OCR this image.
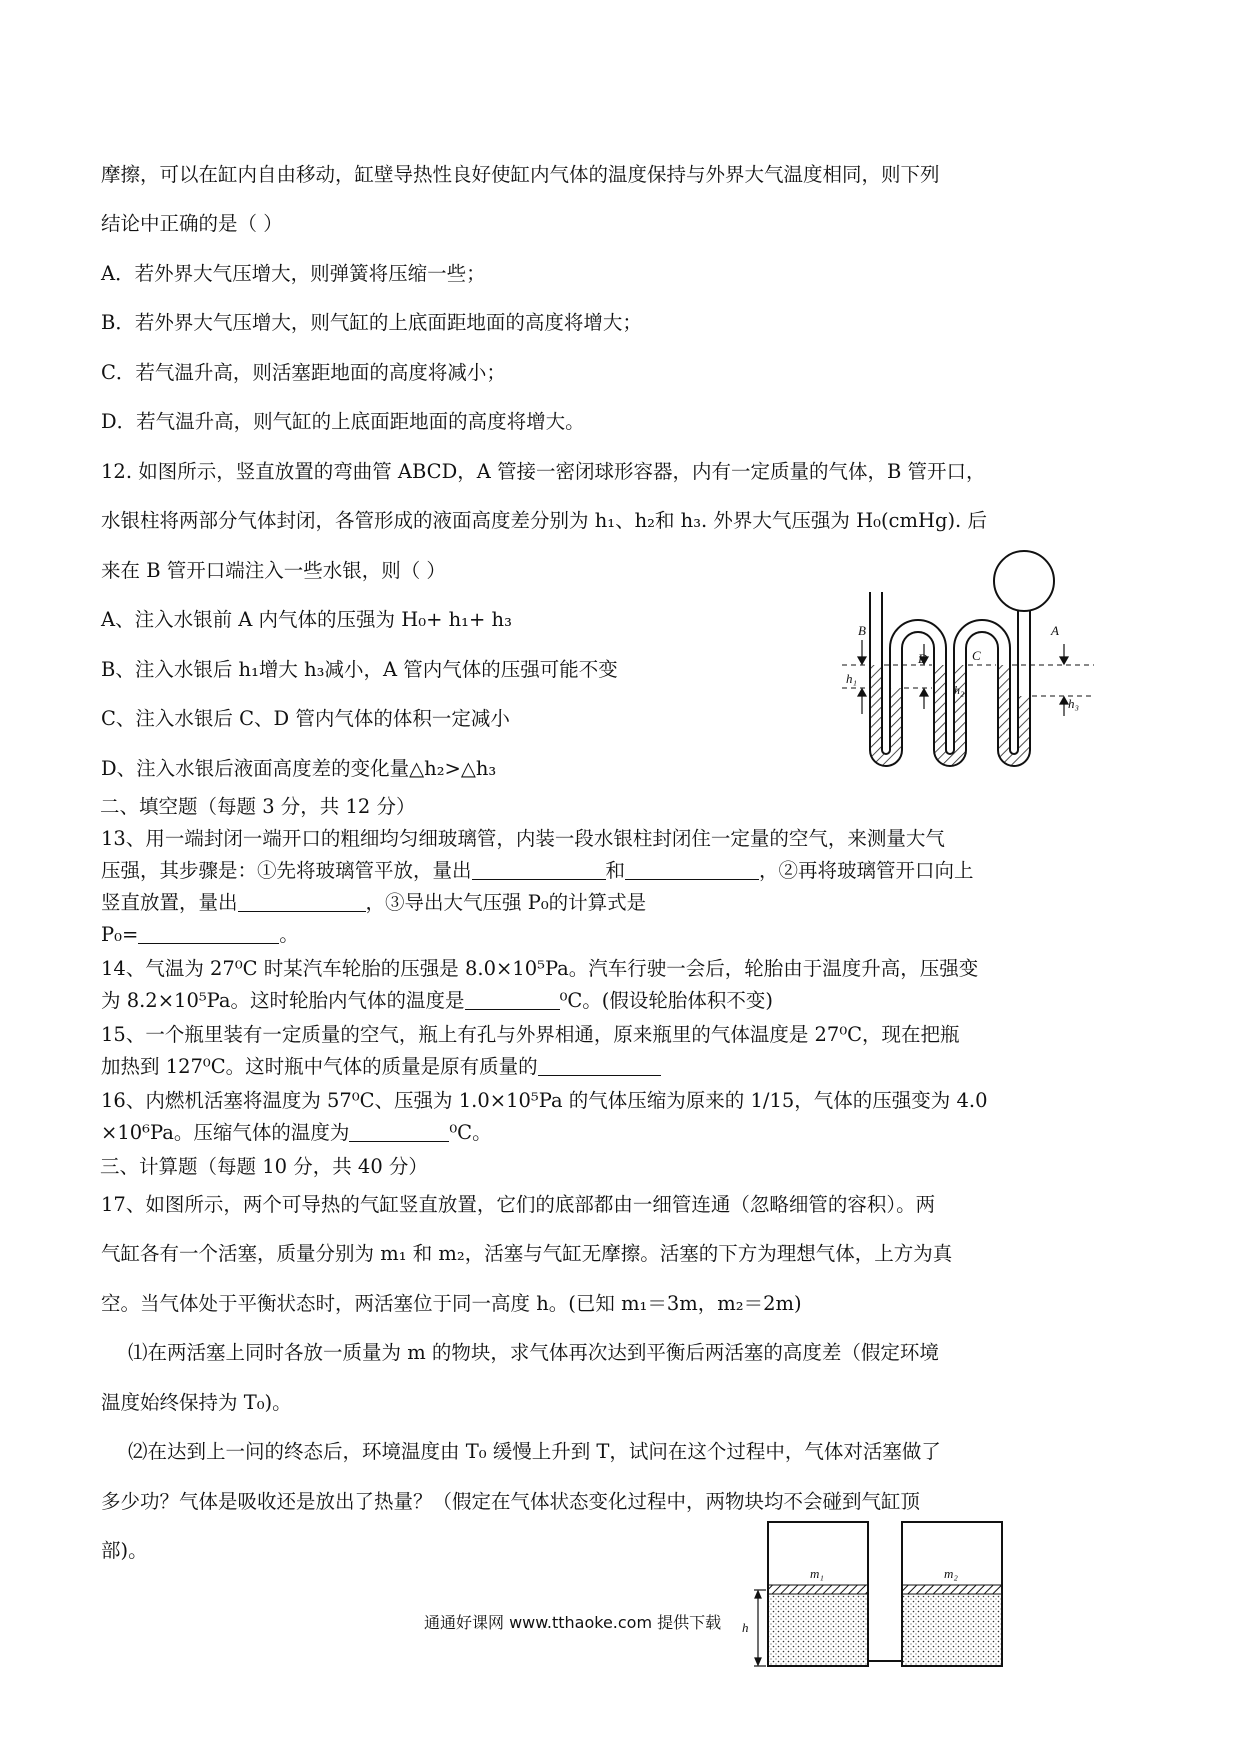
摩擦，可以在缸内自由移动，缸壁导热性良好使缸内气体的温度保持与外界大气温度相同，则下列
结论中正确的是（ ）
A．若外界大气压增大，则弹簧将压缩一些；
B．若外界大气压增大，则气缸的上底面距地面的高度将增大；
C．若气温升高，则活塞距地面的高度将减小；
D．若气温升高，则气缸的上底面距地面的高度将增大。
12. 如图所示，竖直放置的弯曲管 ABCD，A 管接一密闭球形容器，内有一定质量的气体，B 管开口，
水银柱将两部分气体封闭，各管形成的液面高度差分别为 h₁、h₂和 h₃. 外界大气压强为 H₀(cmHg). 后
来在 B 管开口端注入一些水银，则（ ）
A、注入水银前 A 内气体的压强为 H₀+ h₁+ h₃
B、注入水银后 h₁增大 h₃减小，A 管内气体的压强可能不变
C、注入水银后 C、D 管内气体的体积一定减小
D、注入水银后液面高度差的变化量△h₂>△h₃
B
D	C
A
h₁
h₂
h₃
二、填空题（每题 3 分，共 12 分）
13、用一端封闭一端开口的粗细均匀细玻璃管，内装一段水银柱封闭住一定量的空气，来测量大气
压强，其步骤是：①先将玻璃管平放，量出	和	，②再将玻璃管开口向上
竖直放置，量出	，③导出大气压强 P₀的计算式是
P₀=	。
14、气温为 27⁰C 时某汽车轮胎的压强是 8.0×10⁵Pa。汽车行驶一会后，轮胎由于温度升高，压强变
为 8.2×10⁵Pa。这时轮胎内气体的温度是	⁰C。(假设轮胎体积不变)
15、一个瓶里装有一定质量的空气，瓶上有孔与外界相通，原来瓶里的气体温度是 27⁰C，现在把瓶
加热到 127⁰C。这时瓶中气体的质量是原有质量的
16、内燃机活塞将温度为 57⁰C、压强为 1.0×10⁵Pa 的气体压缩为原来的 1/15，气体的压强变为 4.0
×10⁶Pa。压缩气体的温度为	⁰C。
三、计算题（每题 10 分，共 40 分）
17、如图所示，两个可导热的气缸竖直放置，它们的底部都由一细管连通（忽略细管的容积）。两
气缸各有一个活塞，质量分别为 m₁ 和 m₂，活塞与气缸无摩擦。活塞的下方为理想气体，上方为真
空。当气体处于平衡状态时，两活塞位于同一高度 h。(已知 m₁＝3m，m₂＝2m)
⑴在两活塞上同时各放一质量为 m 的物块，求气体再次达到平衡后两活塞的高度差（假定环境
温度始终保持为 T₀)。
⑵在达到上一问的终态后，环境温度由 T₀ 缓慢上升到 T，试问在这个过程中，气体对活塞做了
多少功？气体是吸收还是放出了热量？（假定在气体状态变化过程中，两物块均不会碰到气缸顶
部)。
h
m₁	m₂
通通好课网 www.tthaoke.com 提供下载
